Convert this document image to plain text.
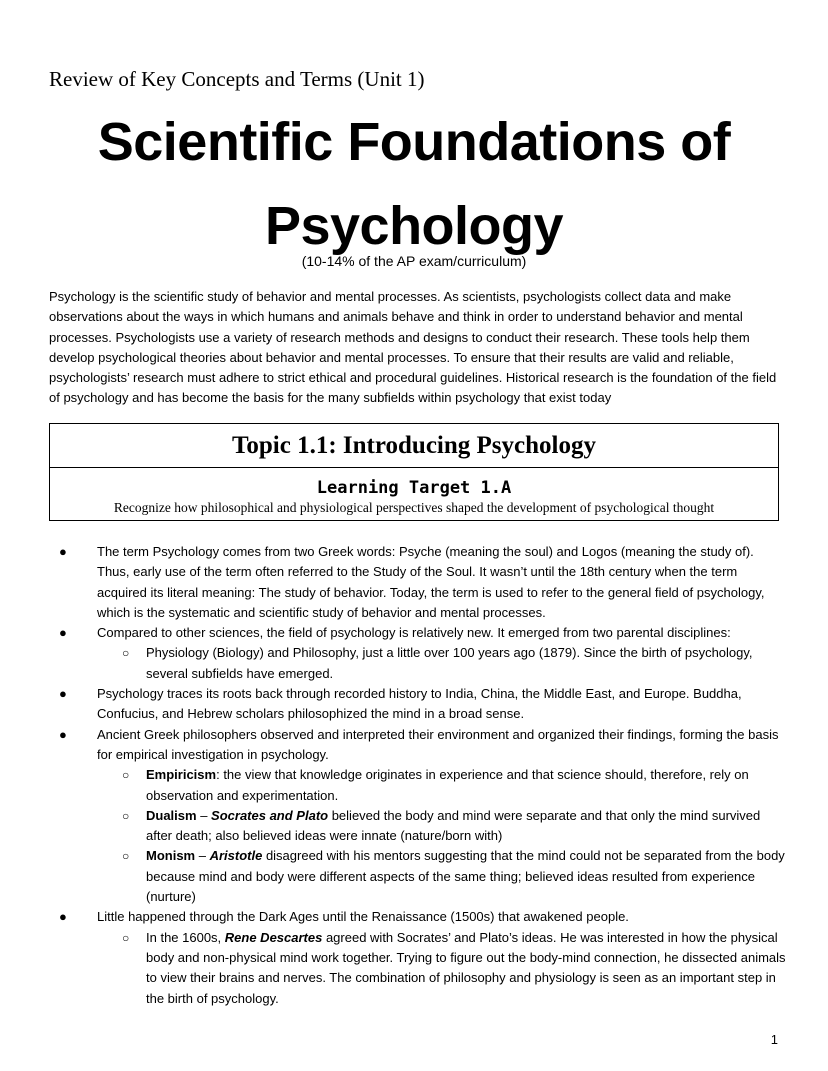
Review of Key Concepts and Terms (Unit 1)
Scientific Foundations of Psychology
(10-14% of the AP exam/curriculum)

Psychology is the scientific study of behavior and mental processes. As scientists, psychologists collect data and make observations about the ways in which humans and animals behave and think in order to understand behavior and mental processes. Psychologists use a variety of research methods and designs to conduct their research. These tools help them develop psychological theories about behavior and mental processes. To ensure that their results are valid and reliable, psychologists’ research must adhere to strict ethical and procedural guidelines. Historical research is the foundation of the field of psychology and has become the basis for the many subfields within psychology that exist today

Topic 1.1: Introducing Psychology
Learning Target 1.A
Recognize how philosophical and physiological perspectives shaped the development of psychological thought
● The term Psychology comes from two Greek words: Psyche (meaning the soul) and Logos (meaning the study of). Thus, early use of the term often referred to the Study of the Soul. It wasn’t until the 18th century when the term acquired its literal meaning: The study of behavior. Today, the term is used to refer to the general field of psychology, which is the systematic and scientific study of behavior and mental processes.
● Compared to other sciences, the field of psychology is relatively new. It emerged from two parental disciplines:
○ Physiology (Biology) and Philosophy, just a little over 100 years ago (1879). Since the birth of psychology, several subfields have emerged.
● Psychology traces its roots back through recorded history to India, China, the Middle East, and Europe. Buddha, Confucius, and Hebrew scholars philosophized the mind in a broad sense.
● Ancient Greek philosophers observed and interpreted their environment and organized their findings, forming the basis for empirical investigation in psychology.
○ Empiricism: the view that knowledge originates in experience and that science should, therefore, rely on observation and experimentation.
○ Dualism – Socrates and Plato believed the body and mind were separate and that only the mind survived after death; also believed ideas were innate (nature/born with)
○ Monism – Aristotle disagreed with his mentors suggesting that the mind could not be separated from the body because mind and body were different aspects of the same thing; believed ideas resulted from experience (nurture)
● Little happened through the Dark Ages until the Renaissance (1500s) that awakened people.
○ In the 1600s, Rene Descartes agreed with Socrates’ and Plato’s ideas. He was interested in how the physical body and non-physical mind work together. Trying to figure out the body-mind connection, he dissected animals to view their brains and nerves. The combination of philosophy and physiology is seen as an important step in the birth of psychology.
1
